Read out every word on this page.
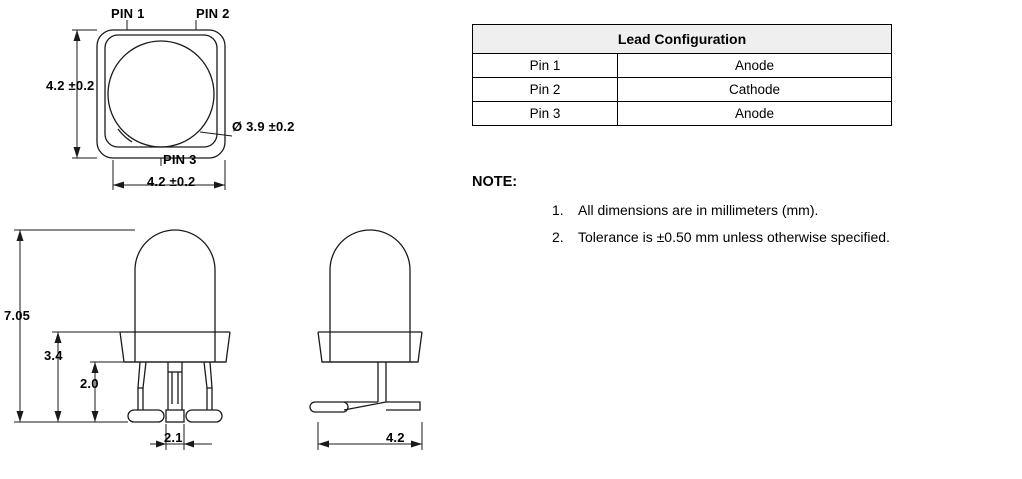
PIN 1	PIN 2
PIN 3
4.2 ±0.2
4.2 ±0.2
Ø 3.9 ±0.2
7.05
3.4
2.0
2.1	4.2
Lead Configuration	
Pin 1	Anode
Pin 2	Cathode
Pin 3	Anode
NOTE:
1.	All dimensions are in millimeters (mm).
2.	Tolerance is ±0.50 mm unless otherwise specified.
